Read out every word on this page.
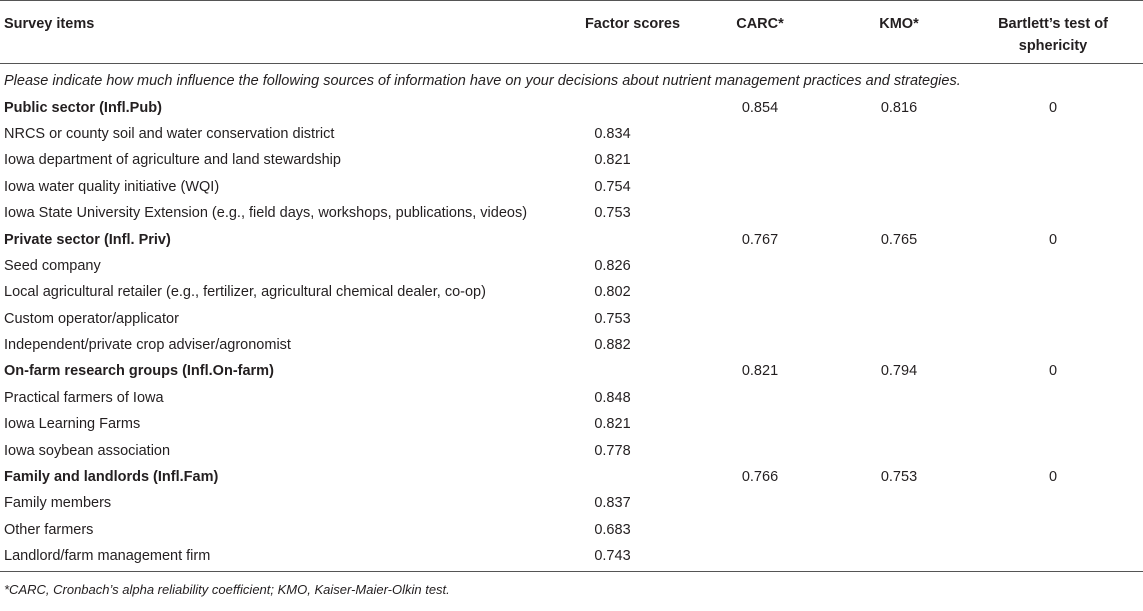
Survey items	Factor scores	CARC*	KMO*	Bartlett’s test of sphericity
Please indicate how much influence the following sources of information have on your decisions about nutrient management practices and strategies.				
Public sector (Infl.Pub)		0.854	0.816	0
NRCS or county soil and water conservation district	0.834			
Iowa department of agriculture and land stewardship	0.821			
Iowa water quality initiative (WQI)	0.754			
Iowa State University Extension (e.g., field days, workshops, publications, videos)	0.753			
Private sector (Infl. Priv)		0.767	0.765	0
Seed company	0.826			
Local agricultural retailer (e.g., fertilizer, agricultural chemical dealer, co-op)	0.802			
Custom operator/applicator	0.753			
Independent/private crop adviser/agronomist	0.882			
On-farm research groups (Infl.On-farm)		0.821	0.794	0
Practical farmers of Iowa	0.848			
Iowa Learning Farms	0.821			
Iowa soybean association	0.778			
Family and landlords (Infl.Fam)		0.766	0.753	0
Family members	0.837			
Other farmers	0.683			
Landlord/farm management firm	0.743			
*CARC, Cronbach’s alpha reliability coefficient; KMO, Kaiser-Maier-Olkin test.
